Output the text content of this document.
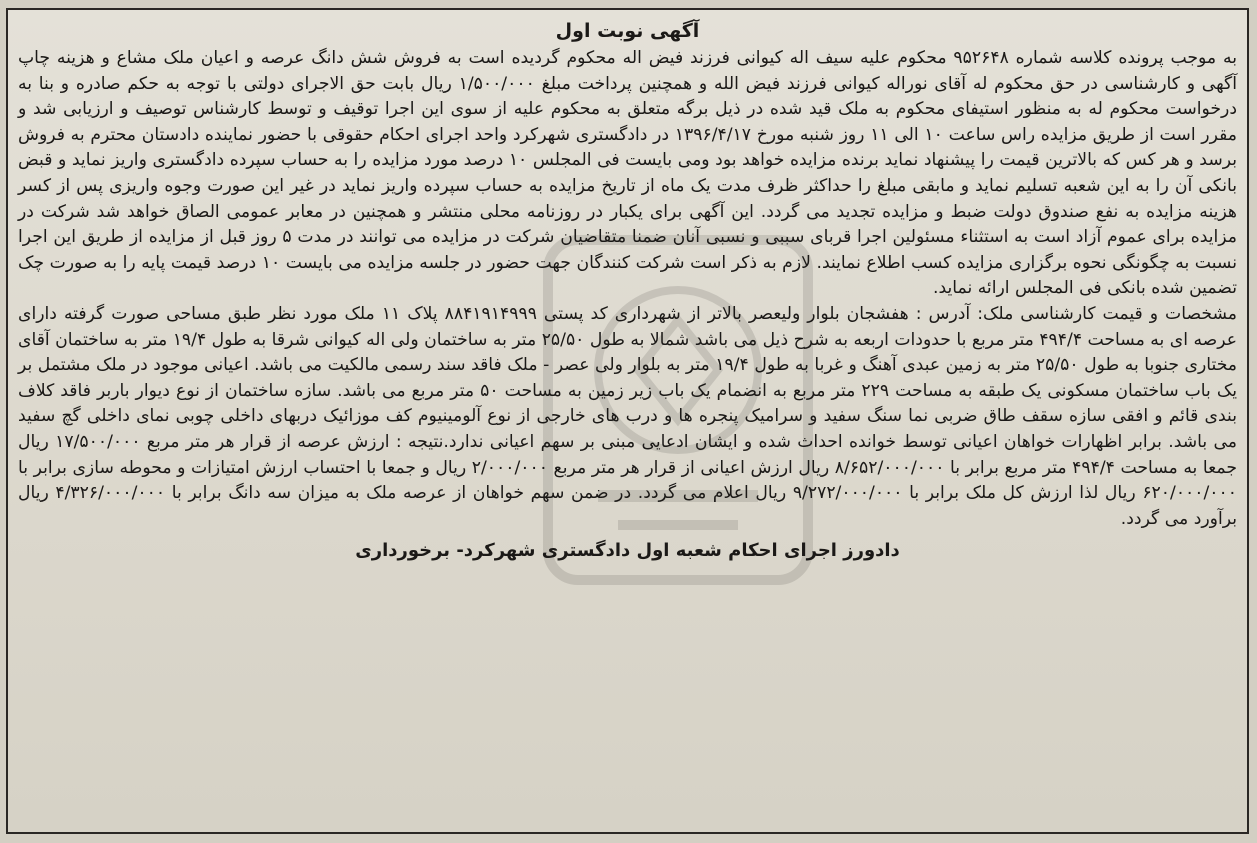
آگهی نوبت اول

به موجب پرونده کلاسه شماره ۹۵۲۶۴۸ محکوم علیه سیف اله کیوانی فرزند فیض اله محکوم گردیده است به فروش شش دانگ عرصه و اعیان ملک مشاع و هزینه چاپ آگهی و کارشناسی در حق محکوم له آقای نوراله کیوانی فرزند فیض الله و همچنین پرداخت مبلغ ۱/۵۰۰/۰۰۰ ریال بابت حق الاجرای دولتی با توجه به حکم صادره و بنا به درخواست محکوم له به منظور استیفای محکوم به ملک قید شده در ذیل برگه متعلق به محکوم علیه از سوی این اجرا توقیف و توسط کارشناس توصیف و ارزیابی شد و مقرر است از طریق مزایده راس ساعت ۱۰ الی ۱۱ روز شنبه مورخ ۱۳۹۶/۴/۱۷ در دادگستری شهرکرد واحد اجرای احکام حقوقی با حضور نماینده دادستان محترم به فروش برسد و هر کس که بالاترین قیمت را پیشنهاد نماید برنده مزایده خواهد بود ومی بایست فی المجلس ۱۰ درصد مورد مزایده را به حساب سپرده دادگستری واریز نماید و قبض بانکی آن را به این شعبه تسلیم نماید و مابقی مبلغ را حداکثر ظرف مدت یک ماه از تاریخ مزایده به حساب سپرده واریز نماید در غیر این صورت وجوه واریزی پس از کسر هزینه مزایده به نفع صندوق دولت ضبط و مزایده تجدید می گردد. این آگهی برای یکبار در روزنامه محلی منتشر و همچنین در معابر عمومی الصاق خواهد شد شرکت در مزایده برای عموم آزاد است به استثناء مسئولین اجرا قربای سببی و نسبی آنان ضمنا متقاضیان شرکت در مزایده می توانند در مدت ۵ روز قبل از مزایده از طریق این اجرا نسبت به چگونگی نحوه برگزاری مزایده کسب اطلاع نمایند. لازم به ذکر است شرکت کنندگان جهت حضور در جلسه مزایده می بایست ۱۰ درصد قیمت پایه را به صورت چک تضمین شده بانکی فی المجلس ارائه نماید.

مشخصات و قیمت کارشناسی ملک: آدرس : هفشجان بلوار ولیعصر بالاتر از شهرداری کد پستی ۸۸۴۱۹۱۴۹۹۹ پلاک ۱۱ ملک مورد نظر طبق مساحی صورت گرفته دارای عرصه ای به مساحت ۴۹۴/۴ متر مربع با حدودات اربعه به شرح ذیل می باشد شمالا به طول ۲۵/۵۰ متر به ساختمان ولی اله کیوانی شرقا به طول ۱۹/۴ متر به ساختمان آقای مختاری جنوبا به طول ۲۵/۵۰ متر به زمین عبدی آهنگ و غربا به طول ۱۹/۴ متر به بلوار ولی عصر - ملک فاقد سند رسمی مالکیت می باشد. اعیانی موجود در ملک مشتمل بر یک باب ساختمان مسکونی یک طبقه به مساحت ۲۲۹ متر مربع به انضمام یک باب زیر زمین به مساحت ۵۰ متر مربع می باشد. سازه ساختمان از نوع دیوار باربر فاقد کلاف بندی قائم و افقی سازه سقف طاق ضربی نما سنگ سفید و سرامیک پنجره ها و درب های خارجی از نوع آلومینیوم کف موزائیک دربهای داخلی چوبی نمای داخلی گچ سفید می باشد. برابر اظهارات خواهان اعیانی توسط خوانده احداث شده و ایشان ادعایی مبنی بر سهم اعیانی ندارد.نتیجه : ارزش عرصه از قرار هر متر مربع ۱۷/۵۰۰/۰۰۰ ریال جمعا به مساحت ۴۹۴/۴ متر مربع برابر با ۸/۶۵۲/۰۰۰/۰۰۰ ریال ارزش اعیانی از قرار هر متر مربع ۲/۰۰۰/۰۰۰ ریال و جمعا با احتساب ارزش امتیازات و محوطه سازی برابر با ۶۲۰/۰۰۰/۰۰۰ ریال لذا ارزش کل ملک برابر با ۹/۲۷۲/۰۰۰/۰۰۰ ریال اعلام می گردد. در ضمن سهم خواهان از عرصه ملک به میزان سه دانگ برابر با ۴/۳۲۶/۰۰۰/۰۰۰ ریال برآورد می گردد.

دادورز اجرای احکام شعبه اول دادگستری شهرکرد- برخورداری
